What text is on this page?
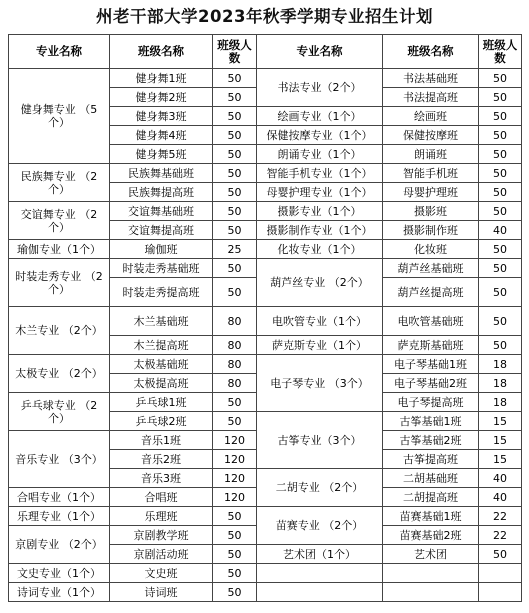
州老干部大学2023年秋季学期专业招生计划
专业名称	班级名称	班级人数	专业名称	班级名称	班级人数
健身舞专业 （5个）	健身舞1班	50	书法专业（2个）	书法基础班	50
	健身舞2班	50		书法提高班	50
	健身舞3班	50	绘画专业（1个）	绘画班	50
	健身舞4班	50	保健按摩专业（1个）	保健按摩班	50
	健身舞5班	50	朗诵专业（1个）	朗诵班	50
民族舞专业 （2个）	民族舞基础班	50	智能手机专业（1个）	智能手机班	50
	民族舞提高班	50	母婴护理专业（1个）	母婴护理班	50
交谊舞专业 （2个）	交谊舞基础班	50	摄影专业（1个）	摄影班	50
	交谊舞提高班	50	摄影制作专业（1个）	摄影制作班	40
瑜伽专业（1个）	瑜伽班	25	化妆专业（1个）	化妆班	50
时装走秀专业 （2个）	时装走秀基础班	50	葫芦丝专业 （2个）	葫芦丝基础班	50
	时装走秀提高班	50		葫芦丝提高班	50
木兰专业 （2个）	木兰基础班	80	电吹管专业（1个）	电吹管基础班	50
	木兰提高班	80	萨克斯专业（1个）	萨克斯基础班	50
太极专业 （2个）	太极基础班	80	电子琴专业 （3个）	电子琴基础1班	18
	太极提高班	80		电子琴基础2班	18
乒乓球专业 （2个）	乒乓球1班	50		电子琴提高班	18
	乒乓球2班	50	古筝专业（3个）	古筝基础1班	15
音乐专业 （3个）	音乐1班	120		古筝基础2班	15
	音乐2班	120		古筝提高班	15
	音乐3班	120	二胡专业 （2个）	二胡基础班	40
合唱专业（1个）	合唱班	120		二胡提高班	40
乐理专业（1个）	乐理班	50	苗赛专业 （2个）	苗赛基础1班	22
京剧专业 （2个）	京剧教学班	50		苗赛基础2班	22
	京剧活动班	50	艺术团（1个）	艺术团	50
文史专业（1个）	文史班	50			
诗词专业（1个）	诗词班	50			
